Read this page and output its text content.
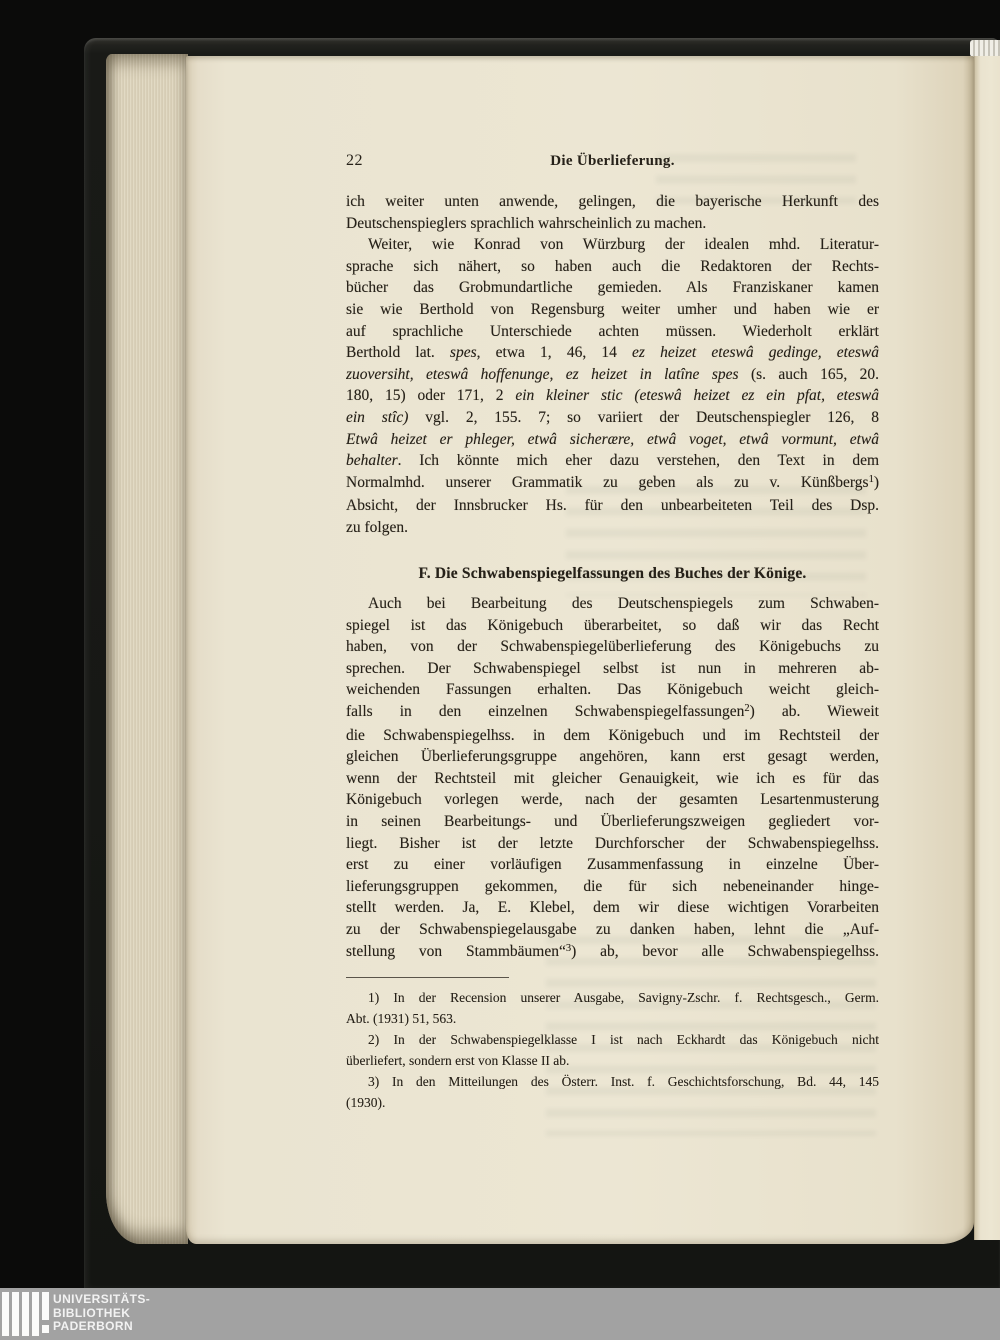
22	Die Überlieferung.
ich weiter unten anwende, gelingen, die bayerische Herkunft des
Deutschenspieglers sprachlich wahrscheinlich zu machen.
Weiter, wie Konrad von Würzburg der idealen mhd. Literatur-
sprache sich nähert, so haben auch die Redaktoren der Rechts-
bücher das Grobmundartliche gemieden. Als Franziskaner kamen
sie wie Berthold von Regensburg weiter umher und haben wie er
auf sprachliche Unterschiede achten müssen. Wiederholt erklärt
Berthold lat. spes, etwa 1, 46, 14 ez heizet eteswâ gedinge, eteswâ
zuoversiht, eteswâ hoffenunge, ez heizet in latîne spes (s. auch 165, 20.
180, 15) oder 171, 2 ein kleiner stic (eteswâ heizet ez ein pfat, eteswâ
ein stîc) vgl. 2, 155. 7; so variiert der Deutschenspiegler 126, 8
Etwâ heizet er phleger, etwâ sicherære, etwâ voget, etwâ vormunt, etwâ
behalter. Ich könnte mich eher dazu verstehen, den Text in dem
Normalmhd. unserer Grammatik zu geben als zu v. Künßbergs$^1$)
Absicht, der Innsbrucker Hs. für den unbearbeiteten Teil des Dsp.
zu folgen.
F. Die Schwabenspiegelfassungen des Buches der Könige.
Auch bei Bearbeitung des Deutschenspiegels zum Schwaben-
spiegel ist das Königebuch überarbeitet, so daß wir das Recht
haben, von der Schwabenspiegelüberlieferung des Königebuchs zu
sprechen. Der Schwabenspiegel selbst ist nun in mehreren ab-
weichenden Fassungen erhalten. Das Königebuch weicht gleich-
falls in den einzelnen Schwabenspiegelfassungen$^2$) ab. Wieweit
die Schwabenspiegelhss. in dem Königebuch und im Rechtsteil der
gleichen Überlieferungsgruppe angehören, kann erst gesagt werden,
wenn der Rechtsteil mit gleicher Genauigkeit, wie ich es für das
Königebuch vorlegen werde, nach der gesamten Lesartenmusterung
in seinen Bearbeitungs- und Überlieferungszweigen gegliedert vor-
liegt. Bisher ist der letzte Durchforscher der Schwabenspiegelhss.
erst zu einer vorläufigen Zusammenfassung in einzelne Über-
lieferungsgruppen gekommen, die für sich nebeneinander hinge-
stellt werden. Ja, E. Klebel, dem wir diese wichtigen Vorarbeiten
zu der Schwabenspiegelausgabe zu danken haben, lehnt die „Auf-
stellung von Stammbäumen“$^3$) ab, bevor alle Schwabenspiegelhss.
1) In der Recension unserer Ausgabe, Savigny-Zschr. f. Rechtsgesch., Germ.
Abt. (1931) 51, 563.
2) In der Schwabenspiegelklasse I ist nach Eckhardt das Königebuch nicht
überliefert, sondern erst von Klasse II ab.
3) In den Mitteilungen des Österr. Inst. f. Geschichtsforschung, Bd. 44, 145
(1930).
UNIVERSITÄTS-
BIBLIOTHEK
PADERBORN
